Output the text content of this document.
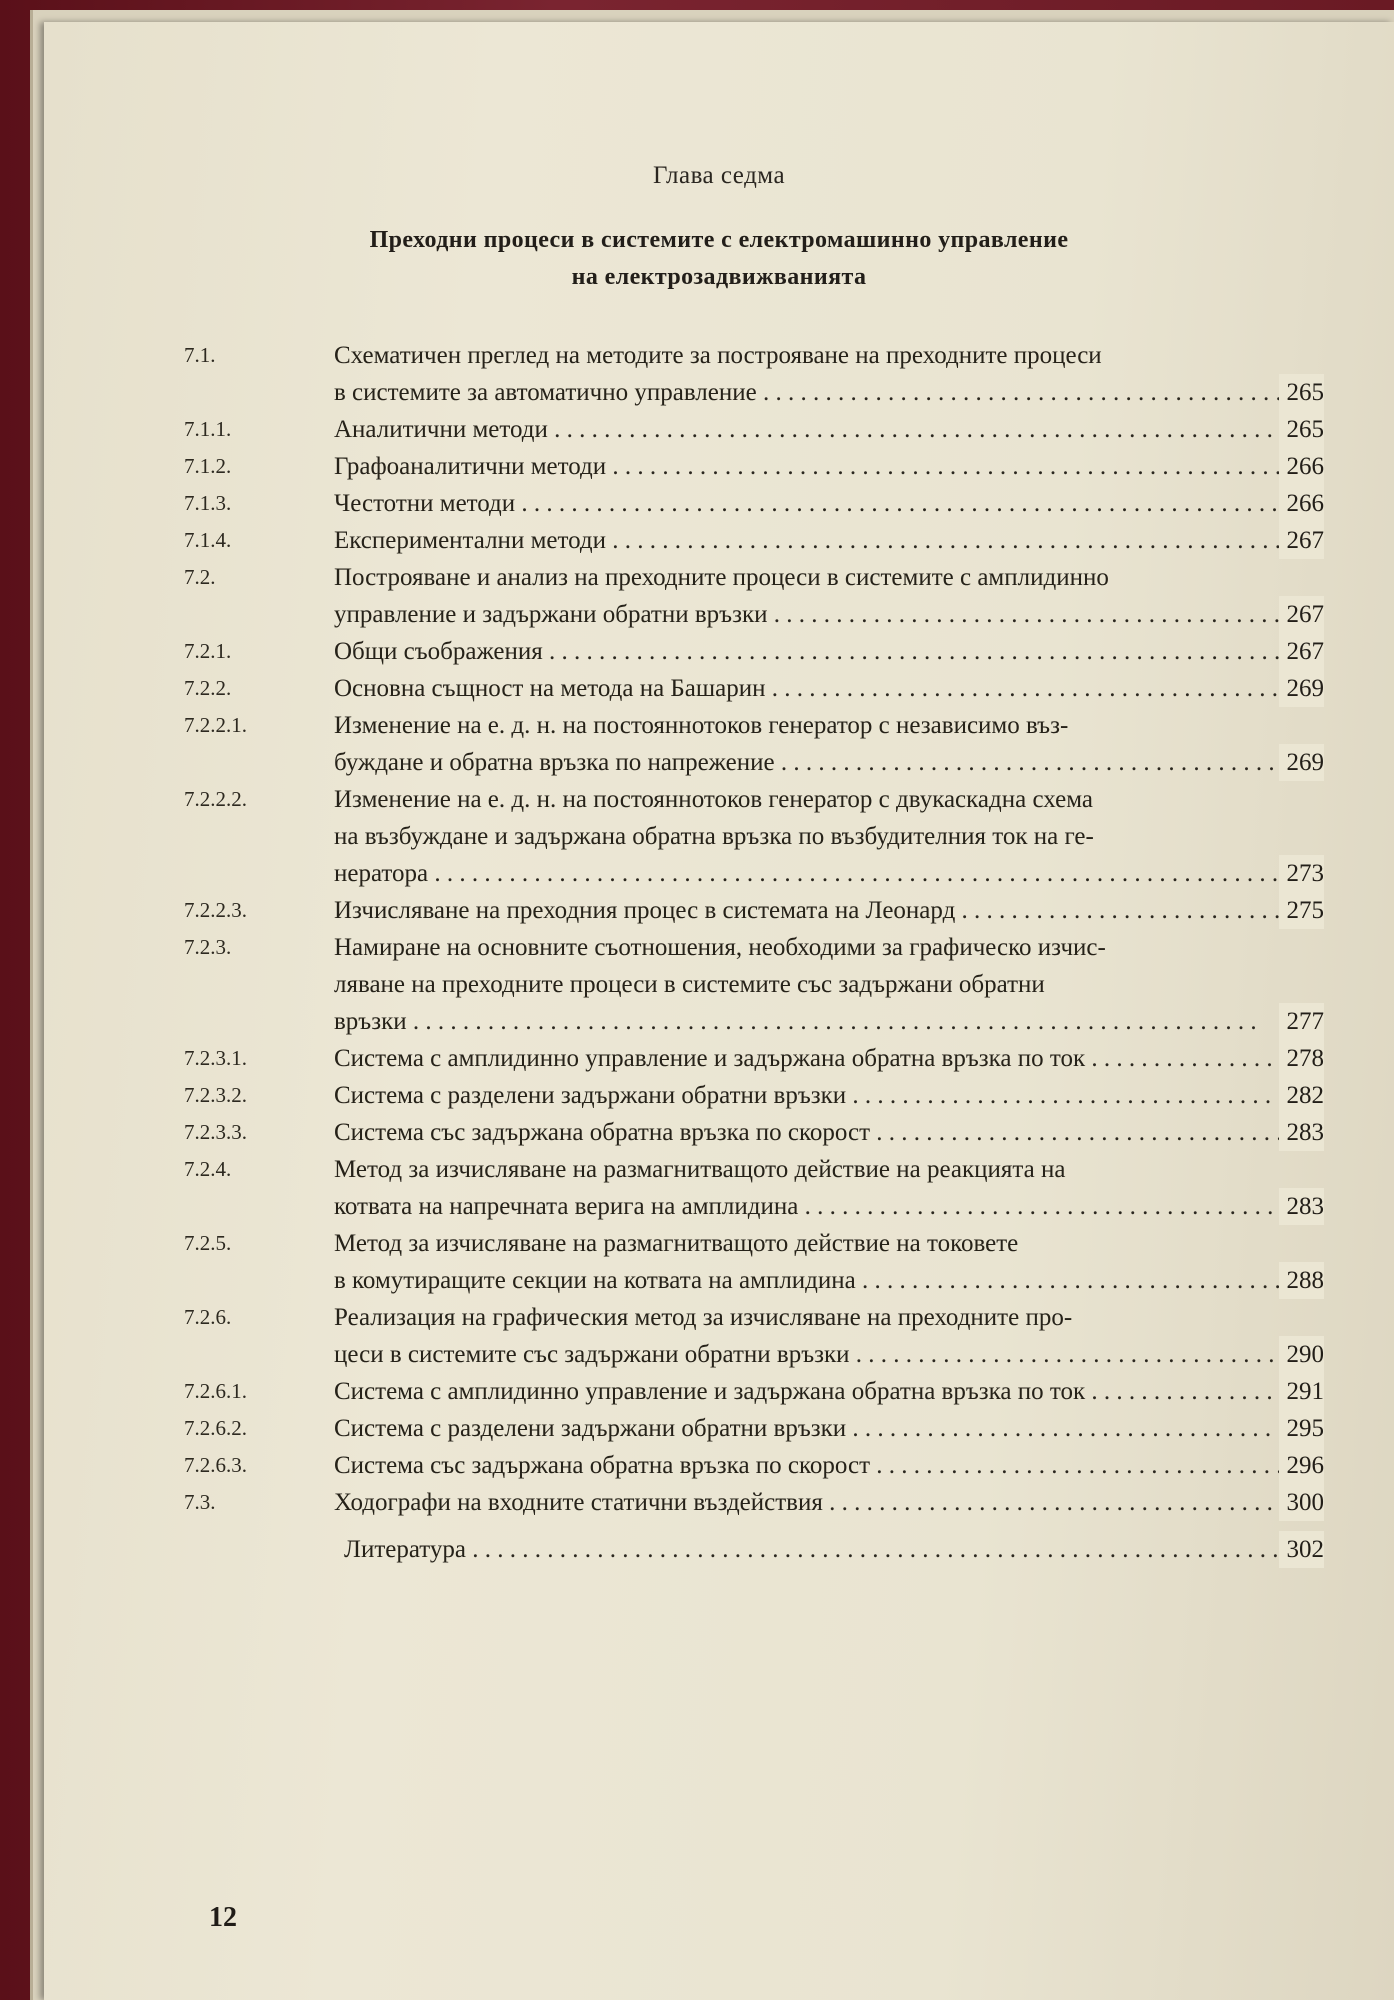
Глава седма
Преходни процеси в системите с електромашинно управление
на електрозадвижванията
7.1.	Схематичен преглед на методите за построяване на преходните процеси
в системите за автоматично управление	265
. . .
7.1.1.	Аналитични методи	265
. . .
7.1.2.	Графоаналитични методи	266
. . .
7.1.3.	Честотни методи	266
. . .
7.1.4.	Експериментални методи	267
. . .
7.2.	Построяване и анализ на преходните процеси в системите с амплидинно
управление и задържани обратни връзки	267
. . .
7.2.1.	Общи съображения	267
. . .
7.2.2.	Основна същност на метода на Башарин	269
. . .
7.2.2.1.	Изменение на е. д. н. на постояннотоков генератор с независимо въз-
буждане и обратна връзка по напрежение	269
. . .
7.2.2.2.	Изменение на е. д. н. на постояннотоков генератор с двукаскадна схема
на възбуждане и задържана обратна връзка по възбудителния ток на ге-
нератора	273
. . .
7.2.2.3.	Изчисляване на преходния процес в системата на Леонард	275
. . .
7.2.3.	Намиране на основните съотношения, необходими за графическо изчис-
ляване на преходните процеси в системите със задържани обратни
връзки	277
. . .
7.2.3.1.	Система с амплидинно управление и задържана обратна връзка по ток	278
. . .
7.2.3.2.	Система с разделени задържани обратни връзки	282
. . .
7.2.3.3.	Система със задържана обратна връзка по скорост	283
. . .
7.2.4.	Метод за изчисляване на размагнитващото действие на реакцията на
котвата на напречната верига на амплидина	283
. . .
7.2.5.	Метод за изчисляване на размагнитващото действие на токовете
в комутиращите секции на котвата на амплидина	288
. . .
7.2.6.	Реализация на графическия метод за изчисляване на преходните про-
цеси в системите със задържани обратни връзки	290
. . .
7.2.6.1.	Система с амплидинно управление и задържана обратна връзка по ток	291
. . .
7.2.6.2.	Система с разделени задържани обратни връзки	295
. . .
7.2.6.3.	Система със задържана обратна връзка по скорост	296
. . .
7.3.	Ходографи на входните статични въздействия	300
. . .
Литература	302
. . .
12
